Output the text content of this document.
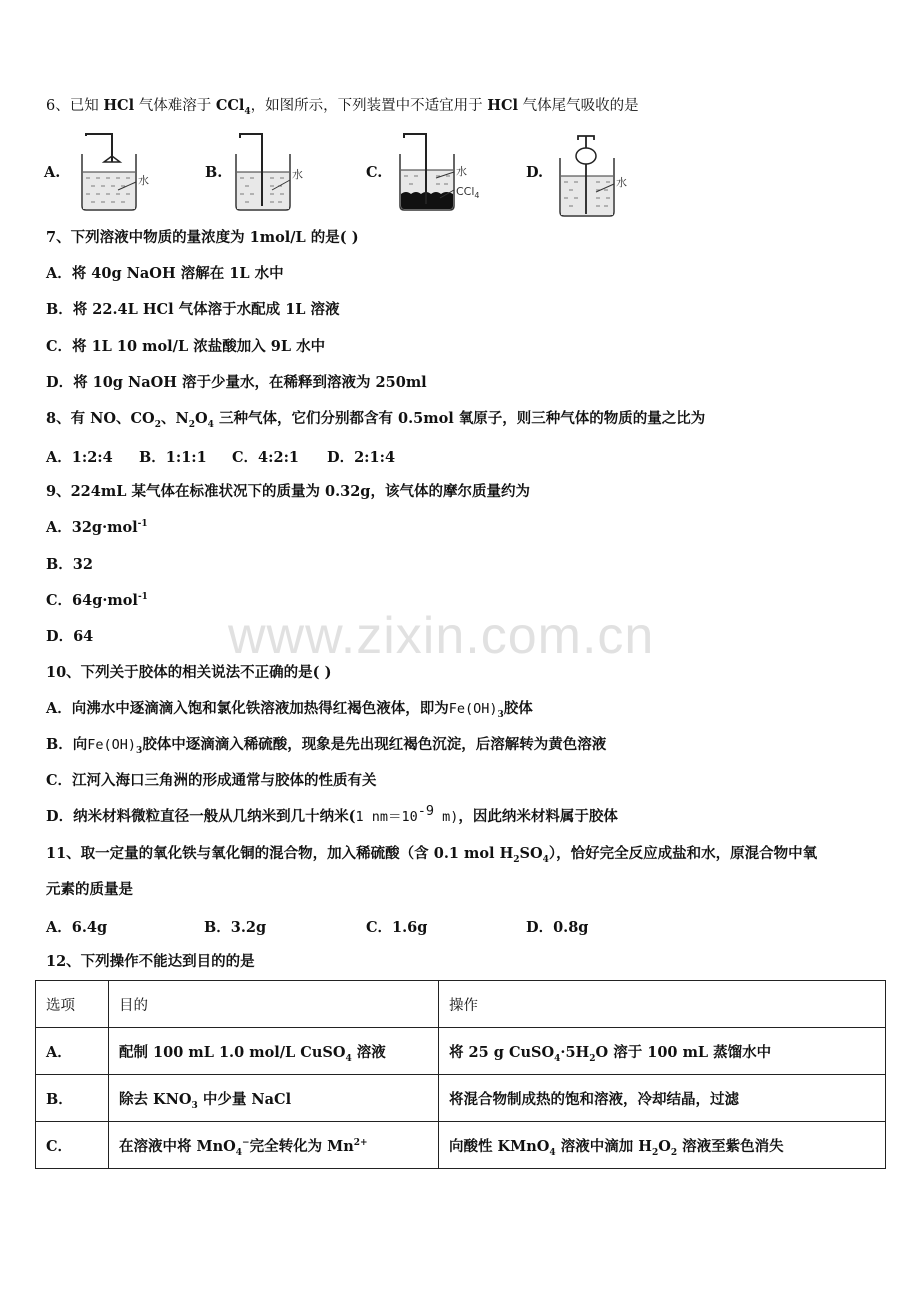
6、已知 HCl 气体难溶于 CCl$_4$，如图所示，下列装置中不适宜用于 HCl 气体尾气吸收的是
A.	B.	C.	D.
水	水	水
CCl$_4$
水
7、下列溶液中物质的量浓度为 1mol/L 的是( )
A．将 40g NaOH 溶解在 1L 水中
B．将 22.4L HCl 气体溶于水配成 1L 溶液
C．将 1L 10 mol/L 浓盐酸加入 9L 水中
D．将 10g NaOH 溶于少量水，在稀释到溶液为 250ml
8、有 NO、$CO_2$、$N_2O_4$ 三种气体，它们分别都含有 0.5mol 氧原子，则三种气体的物质的量之比为
A．1:2:4 B．1:1:1 C．4:2:1 D．2:1:4
9、224mL 某气体在标准状况下的质量为 0.32g，该气体的摩尔质量约为
A．32g·mol$^{-1}$
B．32
C．64g·mol$^{-1}$
D．64	www.zixin.com.cn
10、下列关于胶体的相关说法不正确的是( )
A．向沸水中逐滴滴入饱和氯化铁溶液加热得红褐色液体，即为$Fe(OH)_3$胶体
B．向$Fe(OH)_3$胶体中逐滴滴入稀硫酸，现象是先出现红褐色沉淀，后溶解转为黄色溶液
C．江河入海口三角洲的形成通常与胶体的性质有关
D．纳米材料微粒直径一般从几纳米到几十纳米(1 $nm=10^{-9}$ m)，因此纳米材料属于胶体
11、取一定量的氧化铁与氧化铜的混合物，加入稀硫酸（含 0.1 mol $H_2SO_4$），恰好完全反应成盐和水，原混合物中氧
元素的质量是
A．6.4g	B．3.2g	C．1.6g	D．0.8g
12、下列操作不能达到目的的是
选项	目的	操作
A．	配制 100 mL 1.0 mol/L CuSO$_4$ 溶液	将 25 g $CuSO_4\cdot 5H_2O$ 溶于 100 mL 蒸馏水中
B．	除去 $KNO_3$ 中少量 NaCl	将混合物制成热的饱和溶液，冷却结晶，过滤
C．	在溶液中将 MnO$_4$−完全转化为 $Mn^{2+}$	向酸性 KMnO$_4$ 溶液中滴加 $H_2O_2$ 溶液至紫色消失
